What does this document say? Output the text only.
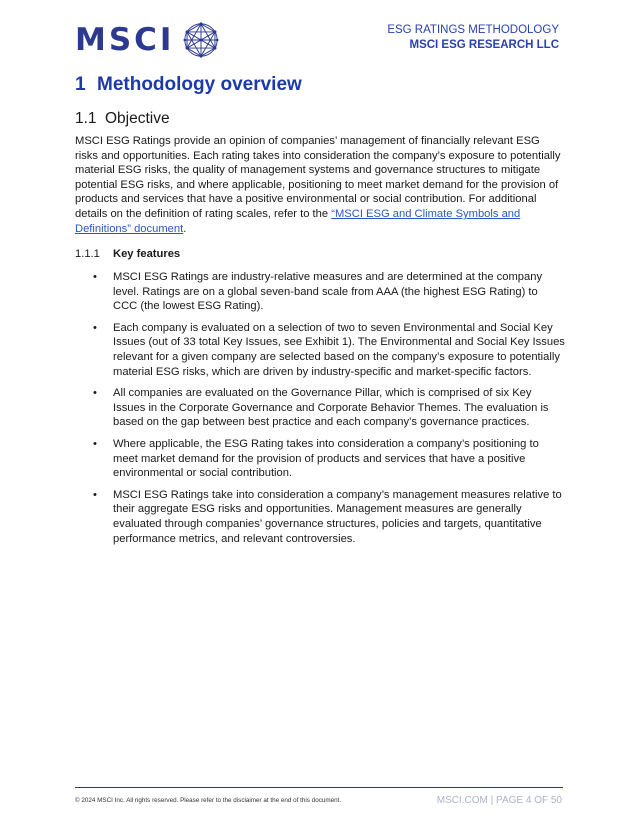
MSCI	ESG RATINGS METHODOLOGY
MSCI ESG RESEARCH LLC
1 Methodology overview
1.1 Objective

MSCI ESG Ratings provide an opinion of companies’ management of financially relevant ESG risks and opportunities. Each rating takes into consideration the company’s exposure to potentially material ESG risks, the quality of management systems and governance structures to mitigate potential ESG risks, and where applicable, positioning to meet market demand for the provision of products and services that have a positive environmental or social contribution. For additional details on the definition of rating scales, refer to the “MSCI ESG and Climate Symbols and Definitions” document.

1.1.1 Key features
• MSCI ESG Ratings are industry-relative measures and are determined at the company level. Ratings are on a global seven-band scale from AAA (the highest ESG Rating) to CCC (the lowest ESG Rating).
• Each company is evaluated on a selection of two to seven Environmental and Social Key Issues (out of 33 total Key Issues, see Exhibit 1). The Environmental and Social Key Issues relevant for a given company are selected based on the company’s exposure to potentially material ESG risks, which are driven by industry-specific and market-specific factors.
• All companies are evaluated on the Governance Pillar, which is comprised of six Key Issues in the Corporate Governance and Corporate Behavior Themes. The evaluation is based on the gap between best practice and each company’s governance practices.
• Where applicable, the ESG Rating takes into consideration a company’s positioning to meet market demand for the provision of products and services that have a positive environmental or social contribution.
• MSCI ESG Ratings take into consideration a company’s management measures relative to their aggregate ESG risks and opportunities. Management measures are generally evaluated through companies’ governance structures, policies and targets, quantitative performance metrics, and relevant controversies.
© 2024 MSCI Inc. All rights reserved. Please refer to the disclaimer at the end of this document.	MSCI.COM | PAGE 4 OF 50
